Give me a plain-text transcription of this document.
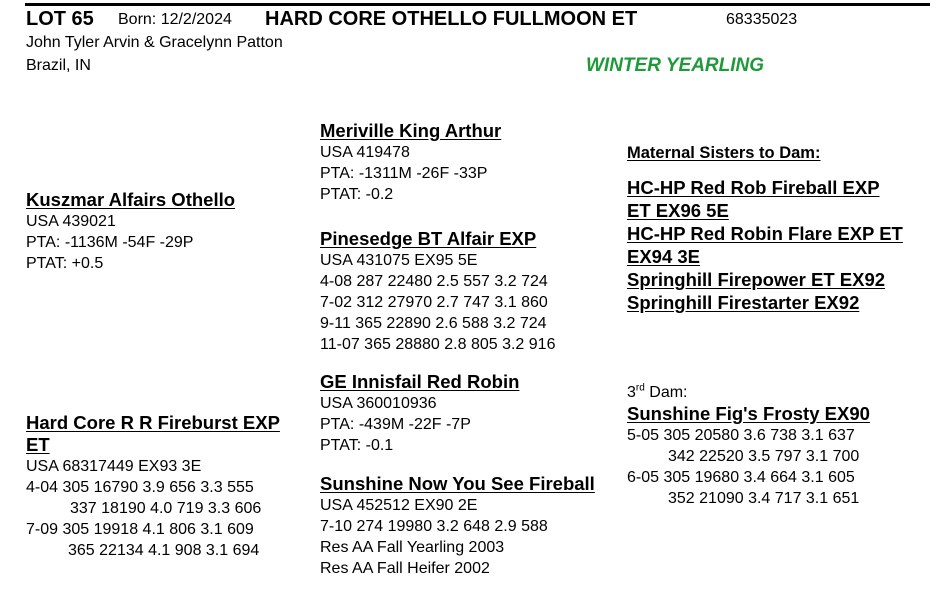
LOT 65 Born: 12/2/2024 HARD CORE OTHELLO FULLMOON ET	68335023
John Tyler Arvin & Gracelynn Patton
Brazil, IN	WINTER YEARLING
Kuszmar Alfairs Othello
USA 439021
PTA: -1136M -54F -29P
PTAT: +0.5
Meriville King Arthur
USA 419478
PTA: -1311M -26F -33P
PTAT: -0.2
Pinesedge BT Alfair EXP
USA 431075 EX95 5E
4-08 287 22480 2.5 557 3.2 724
7-02 312 27970 2.7 747 3.1 860
9-11 365 22890 2.6 588 3.2 724
11-07 365 28880 2.8 805 3.2 916
Hard Core R R Fireburst EXP
ET
USA 68317449 EX93 3E
4-04 305 16790 3.9 656 3.3 555
337 18190 4.0 719 3.3 606
7-09 305 19918 4.1 806 3.1 609
365 22134 4.1 908 3.1 694
GE Innisfail Red Robin
USA 360010936
PTA: -439M -22F -7P
PTAT: -0.1
Sunshine Now You See Fireball
USA 452512 EX90 2E
7-10 274 19980 3.2 648 2.9 588
Res AA Fall Yearling 2003
Res AA Fall Heifer 2002
Maternal Sisters to Dam:
HC-HP Red Rob Fireball EXP
ET EX96 5E
HC-HP Red Robin Flare EXP ET
EX94 3E
Springhill Firepower ET EX92
Springhill Firestarter EX92
3rd Dam:
Sunshine Fig's Frosty EX90
5-05 305 20580 3.6 738 3.1 637
342 22520 3.5 797 3.1 700
6-05 305 19680 3.4 664 3.1 605
352 21090 3.4 717 3.1 651
